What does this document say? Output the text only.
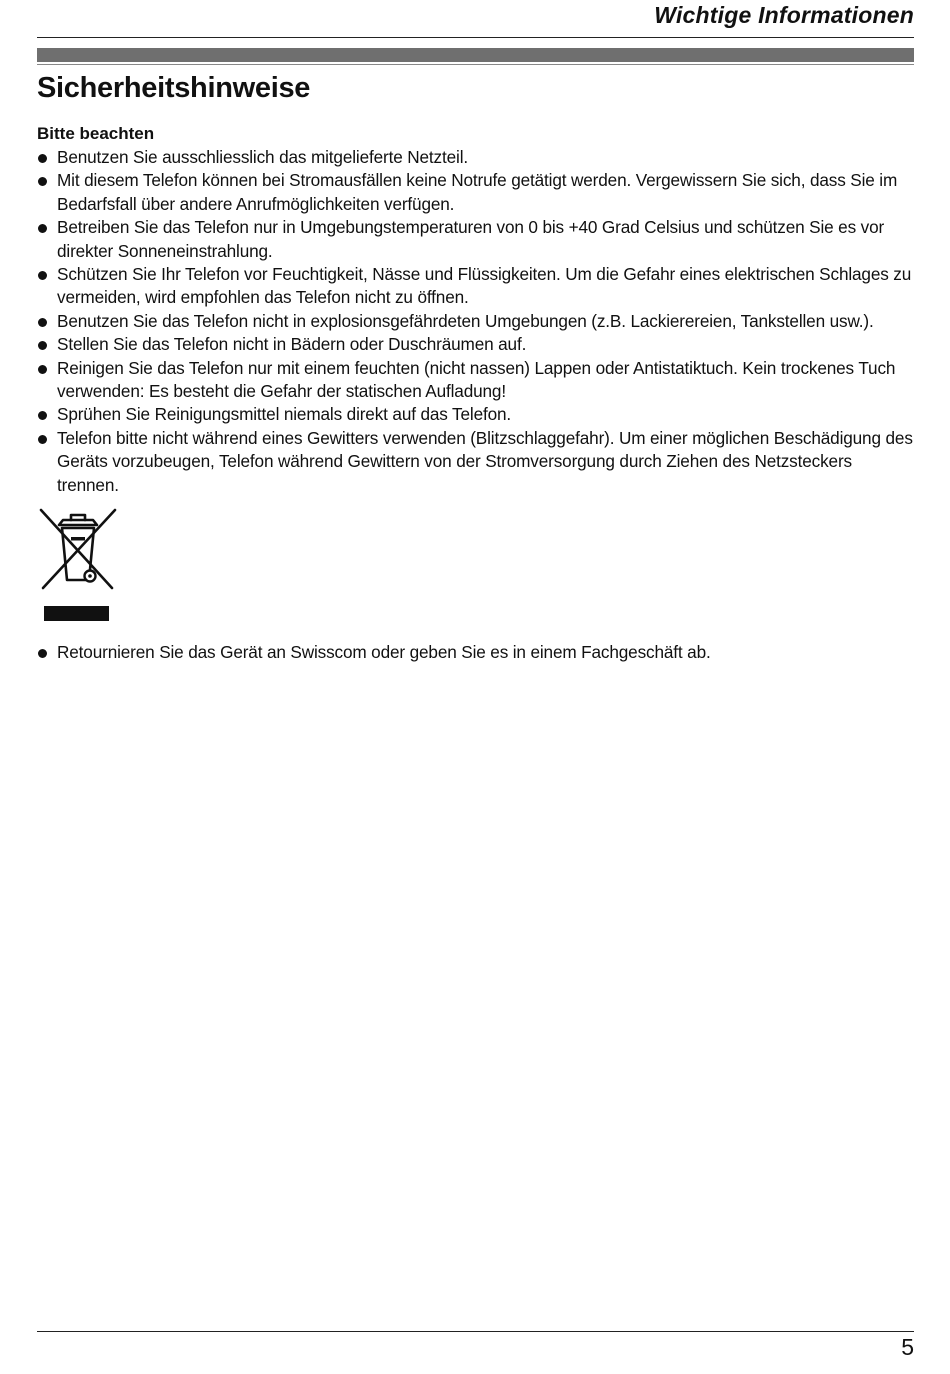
Wichtige Informationen
Sicherheitshinweise
Bitte beachten
Benutzen Sie ausschliesslich das mitgelieferte Netzteil.
Mit diesem Telefon können bei Stromausfällen keine Notrufe getätigt werden. Vergewissern Sie sich, dass Sie im Bedarfsfall über andere Anrufmöglichkeiten verfügen.
Betreiben Sie das Telefon nur in Umgebungstemperaturen von 0 bis +40 Grad Celsius und schützen Sie es vor direkter Sonneneinstrahlung.
Schützen Sie Ihr Telefon vor Feuchtigkeit, Nässe und Flüssigkeiten. Um die Gefahr eines elektrischen Schlages zu vermeiden, wird empfohlen das Telefon nicht zu öffnen.
Benutzen Sie das Telefon nicht in explosionsgefährdeten Umgebungen (z.B. Lackierereien, Tankstellen usw.).
Stellen Sie das Telefon nicht in Bädern oder Duschräumen auf.
Reinigen Sie das Telefon nur mit einem feuchten (nicht nassen) Lappen oder Antistatiktuch. Kein trockenes Tuch verwenden: Es besteht die Gefahr der statischen Aufladung!
Sprühen Sie Reinigungsmittel niemals direkt auf das Telefon.
Telefon bitte nicht während eines Gewitters verwenden (Blitzschlaggefahr). Um einer möglichen Beschädigung des Geräts vorzubeugen, Telefon während Gewittern von der Stromversorgung durch Ziehen des Netzsteckers trennen.
Retournieren Sie das Gerät an Swisscom oder geben Sie es in einem Fachgeschäft ab.
5
